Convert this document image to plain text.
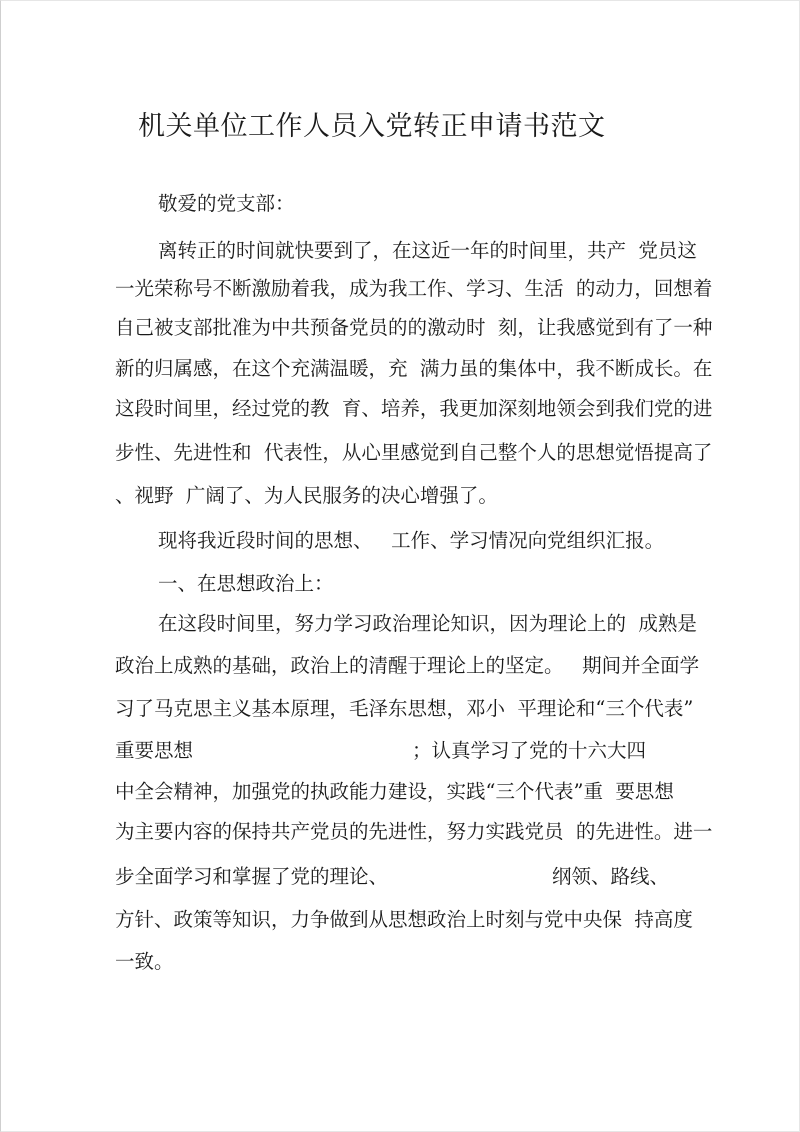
机关单位工作人员入党转正申请书范文
敬爱的党支部：
离转正的时间就快要到了，在这近一年的时间里，共产  党员这
一光荣称号不断激励着我，成为我工作、学习、生活  的动力，回想着
自己被支部批准为中共预备党员的的激动时  刻，让我感觉到有了一种
新的归属感，在这个充满温暖，充  满力虽的集体中，我不断成长。在
这段时间里，经过党的教  育、培养，我更加深刻地领会到我们党的进
步性、先进性和  代表性，从心里感觉到自己整个人的思想觉悟提高了
、视野  广阔了、为人民服务的决心增强了。
现将我近段时间的思想、   工作、学习情况向党组织汇报。
一、在思想政治上：
在这段时间里，努力学习政治理论知识，因为理论上的  成熟是
政治上成熟的基础，政治上的清醒于理论上的坚定。   期间并全面学
习了马克思主义基本原理，毛泽东思想，邓小  平理论和“三个代表”
重要思想	；认真学习了党的十六大四
中全会精神，加强党的执政能力建设，实践“三个代表”重  要思想
为主要内容的保持共产党员的先进性，努力实践党员  的先进性。进一
步全面学习和掌握了党的理论、	纲领、路线、
方针、政策等知识，力争做到从思想政治上时刻与党中央保  持高度
一致。
